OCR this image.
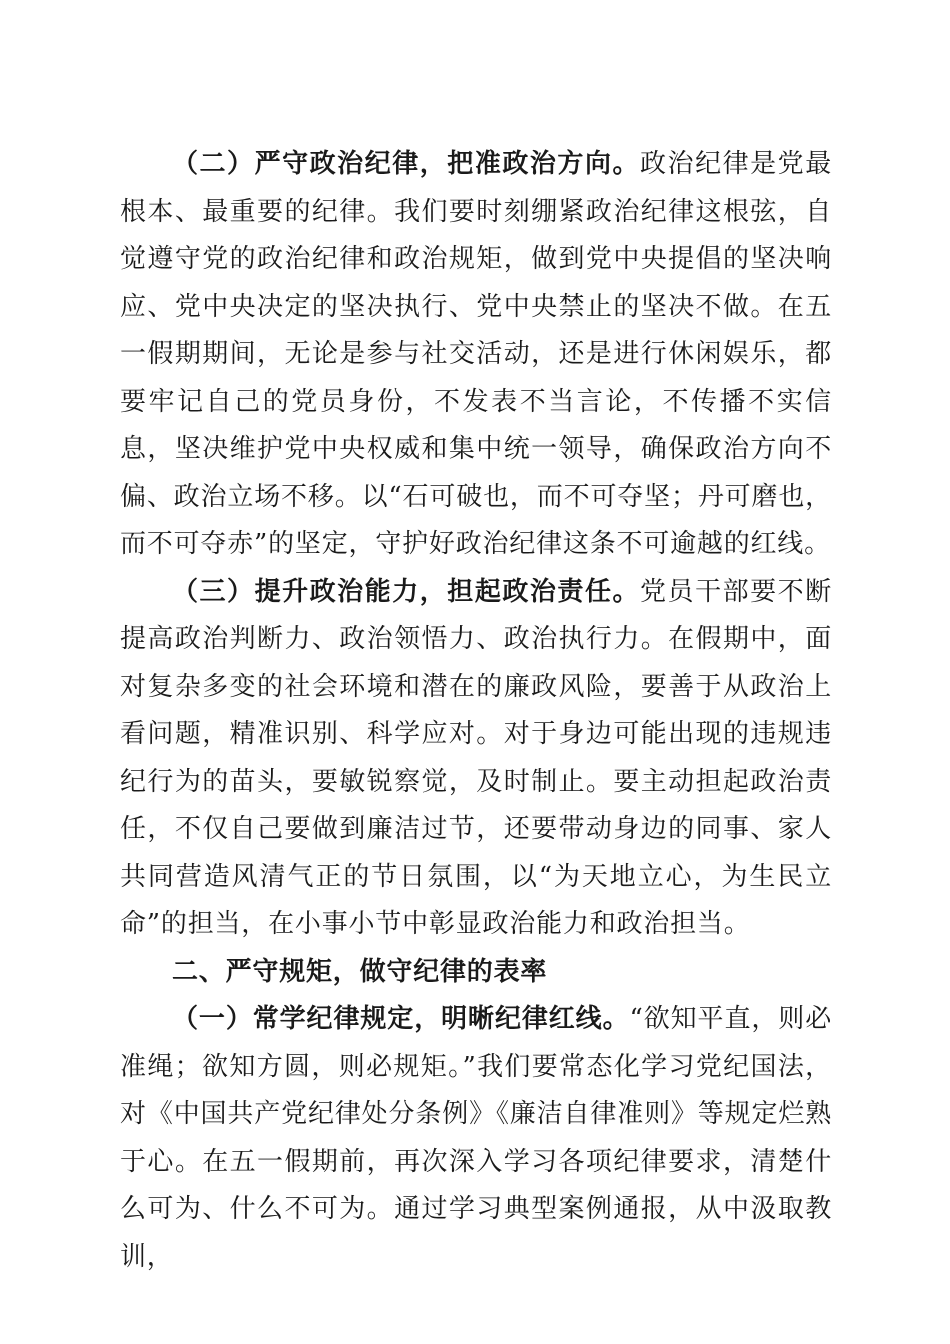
（二）严守政治纪律，把准政治方向。政治纪律是党最根本、最重要的纪律。我们要时刻绷紧政治纪律这根弦，自觉遵守党的政治纪律和政治规矩，做到党中央提倡的坚决响应、党中央决定的坚决执行、党中央禁止的坚决不做。在五一假期期间，无论是参与社交活动，还是进行休闲娱乐，都要牢记自己的党员身份，不发表不当言论，不传播不实信息，坚决维护党中央权威和集中统一领导，确保政治方向不偏、政治立场不移。以“石可破也，而不可夺坚；丹可磨也，而不可夺赤”的坚定，守护好政治纪律这条不可逾越的红线。

（三）提升政治能力，担起政治责任。党员干部要不断提高政治判断力、政治领悟力、政治执行力。在假期中，面对复杂多变的社会环境和潜在的廉政风险，要善于从政治上看问题，精准识别、科学应对。对于身边可能出现的违规违纪行为的苗头，要敏锐察觉，及时制止。要主动担起政治责任，不仅自己要做到廉洁过节，还要带动身边的同事、家人共同营造风清气正的节日氛围，以“为天地立心，为生民立命”的担当，在小事小节中彰显政治能力和政治担当。

二、严守规矩，做守纪律的表率

（一）常学纪律规定，明晰纪律红线。“欲知平直，则必准绳；欲知方圆，则必规矩。”我们要常态化学习党纪国法，对《中国共产党纪律处分条例》《廉洁自律准则》等规定烂熟于心。在五一假期前，再次深入学习各项纪律要求，清楚什么可为、什么不可为。通过学习典型案例通报，从中汲取教训，
